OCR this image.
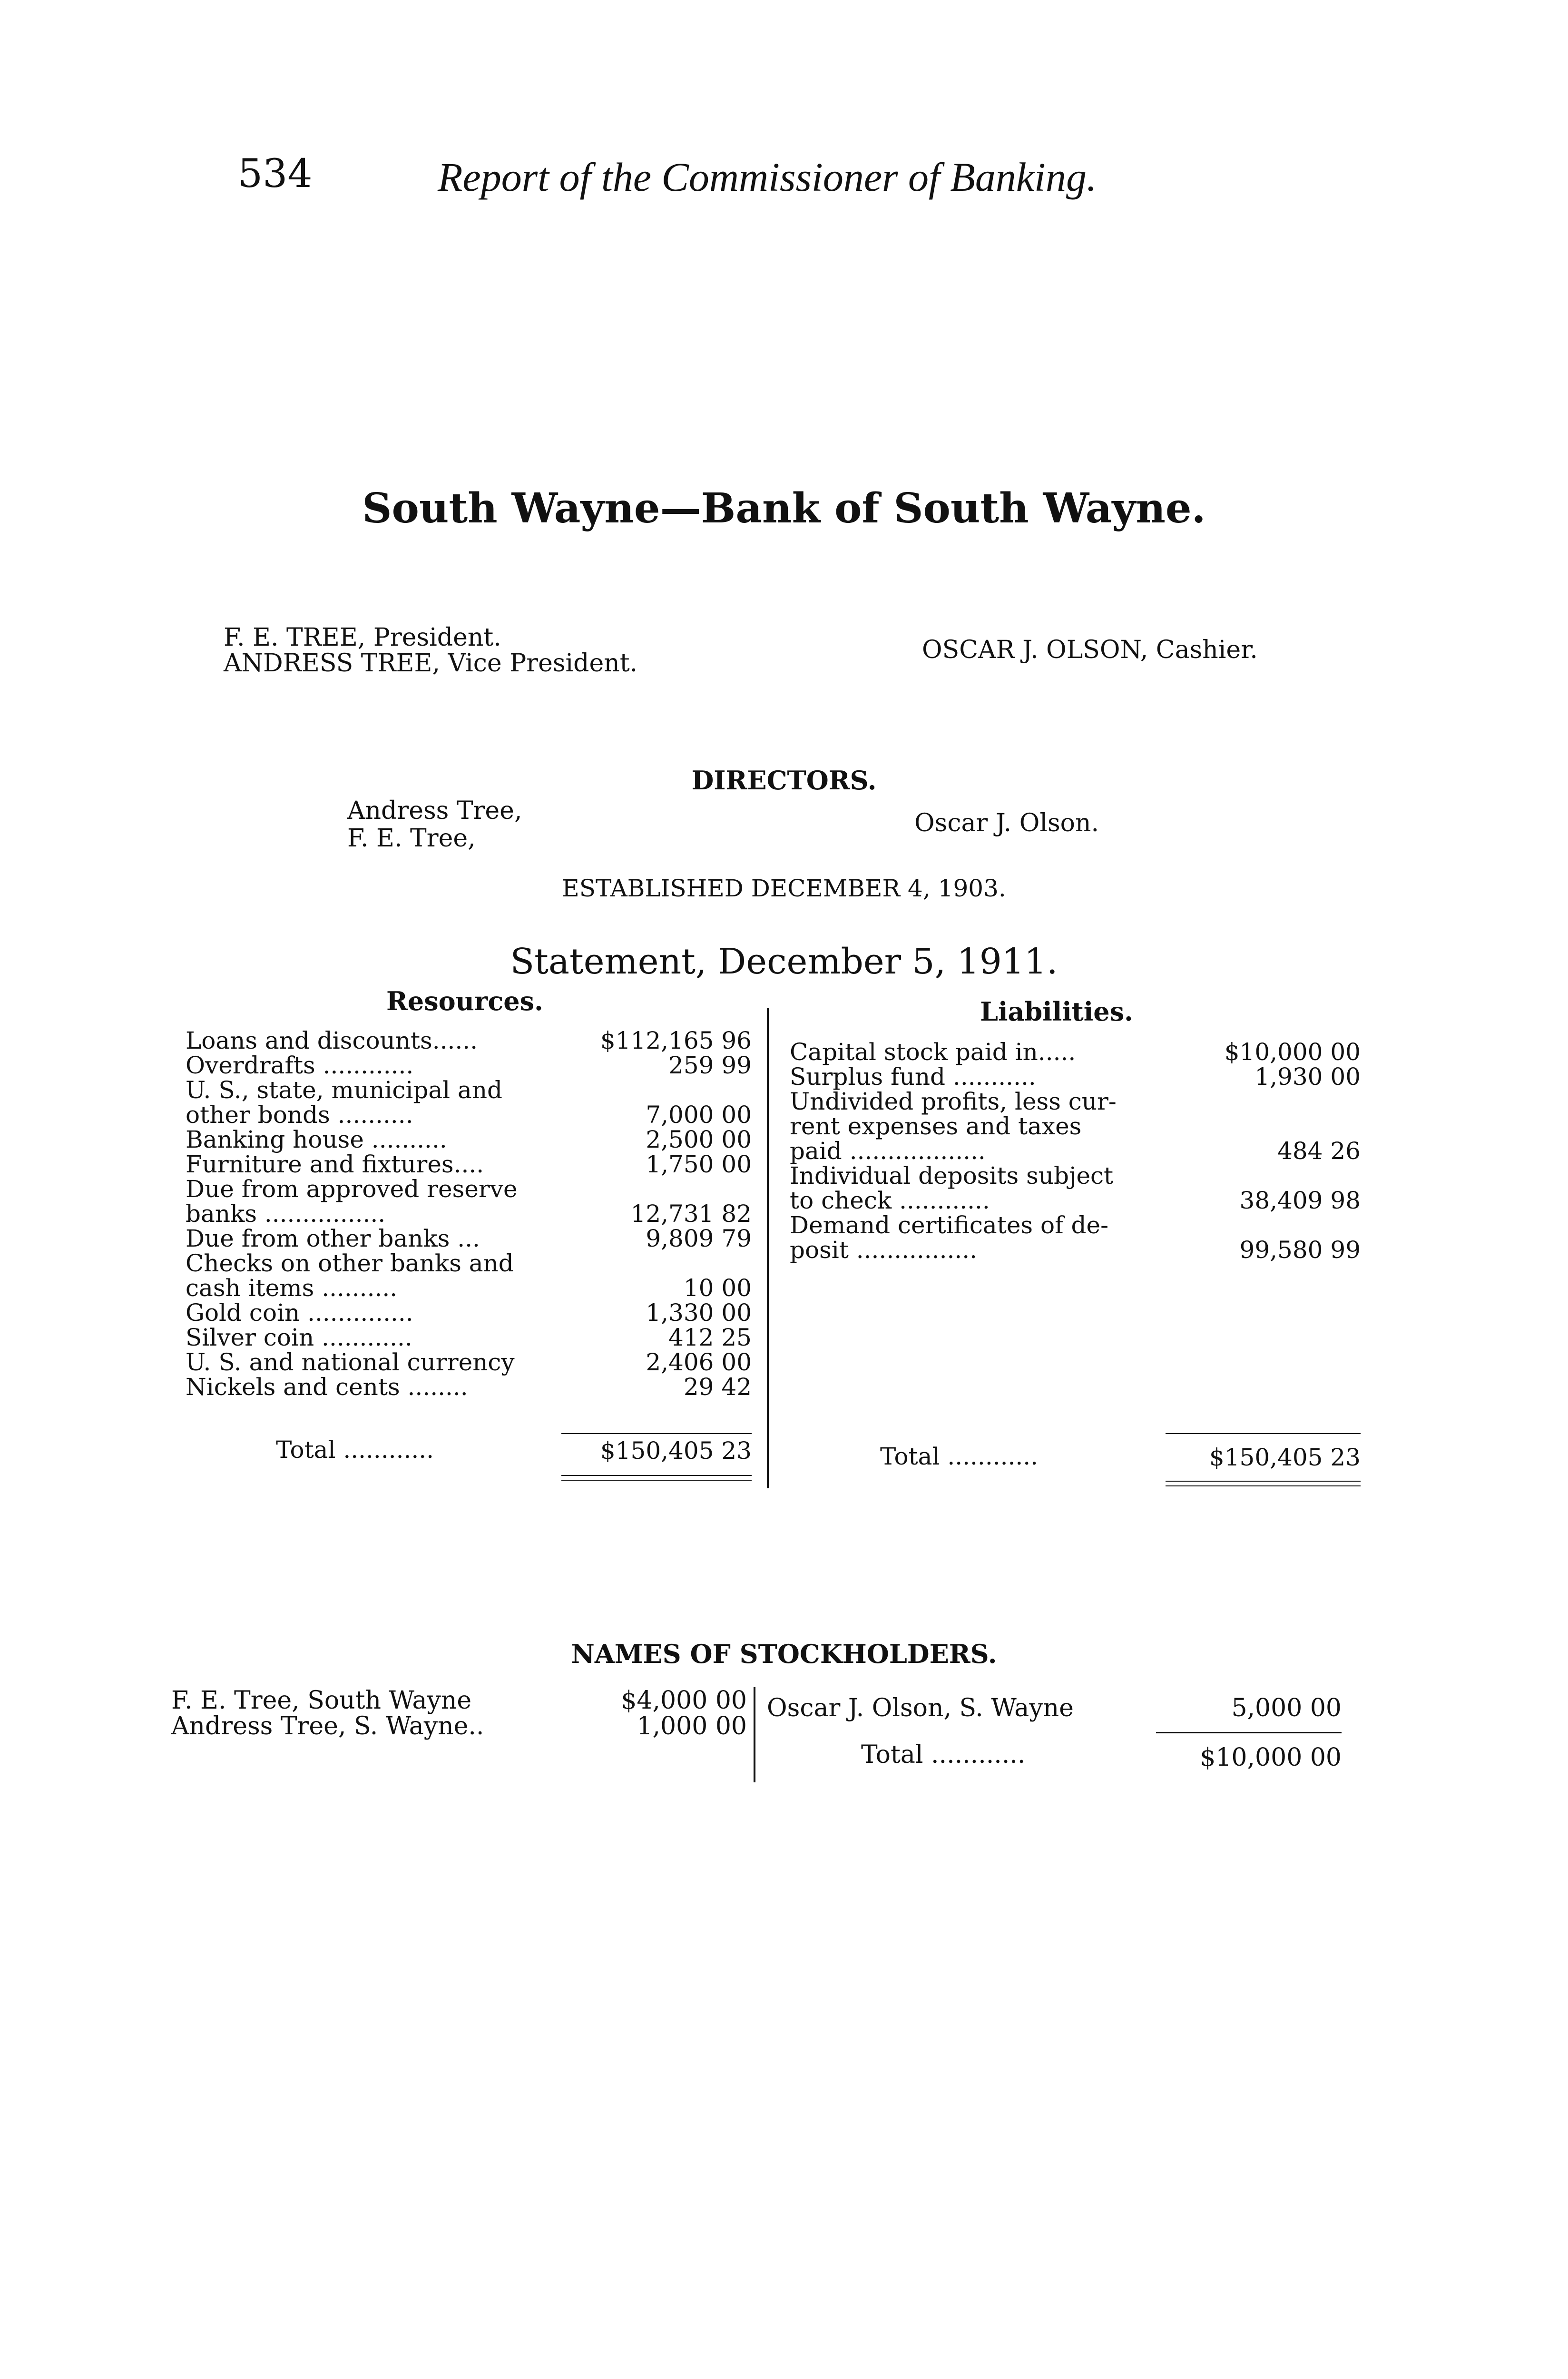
534	Report of the Commissioner of Banking.
South Wayne—Bank of South Wayne.
F. E. TREE, President.
ANDRESS TREE, Vice President.	OSCAR J. OLSON, Cashier.
DIRECTORS.
Andress Tree,
F. E. Tree,
Oscar J. Olson.
ESTABLISHED DECEMBER 4, 1903.
Statement, December 5, 1911.
Resources.	Liabilities.
Loans and discounts......	$112,165 96
Overdrafts ............	259 99
U. S., state, municipal and
other bonds ..........	7,000 00
Banking house ..........	2,500 00
Furniture and fixtures....	1,750 00
Due from approved reserve
banks ................	12,731 82
Due from other banks ...	9,809 79
Checks on other banks and
cash items ..........	10 00
Gold coin ..............	1,330 00
Silver coin ............	412 25
U. S. and national currency	2,406 00
Nickels and cents ........	29 42
Capital stock paid in.....	$10,000 00
Surplus fund ...........	1,930 00
Undivided profits, less cur-
rent expenses and taxes
paid ..................	484 26
Individual deposits subject
to check ............	38,409 98
Demand certificates of de-
posit ................	99,580 99
Total ............	$150,405 23	Total ............	$150,405 23
NAMES OF STOCKHOLDERS.
F. E. Tree, South Wayne	$4,000 00
Andress Tree, S. Wayne..	1,000 00
Oscar J. Olson, S. Wayne	5,000 00
Total ............	$10,000 00
